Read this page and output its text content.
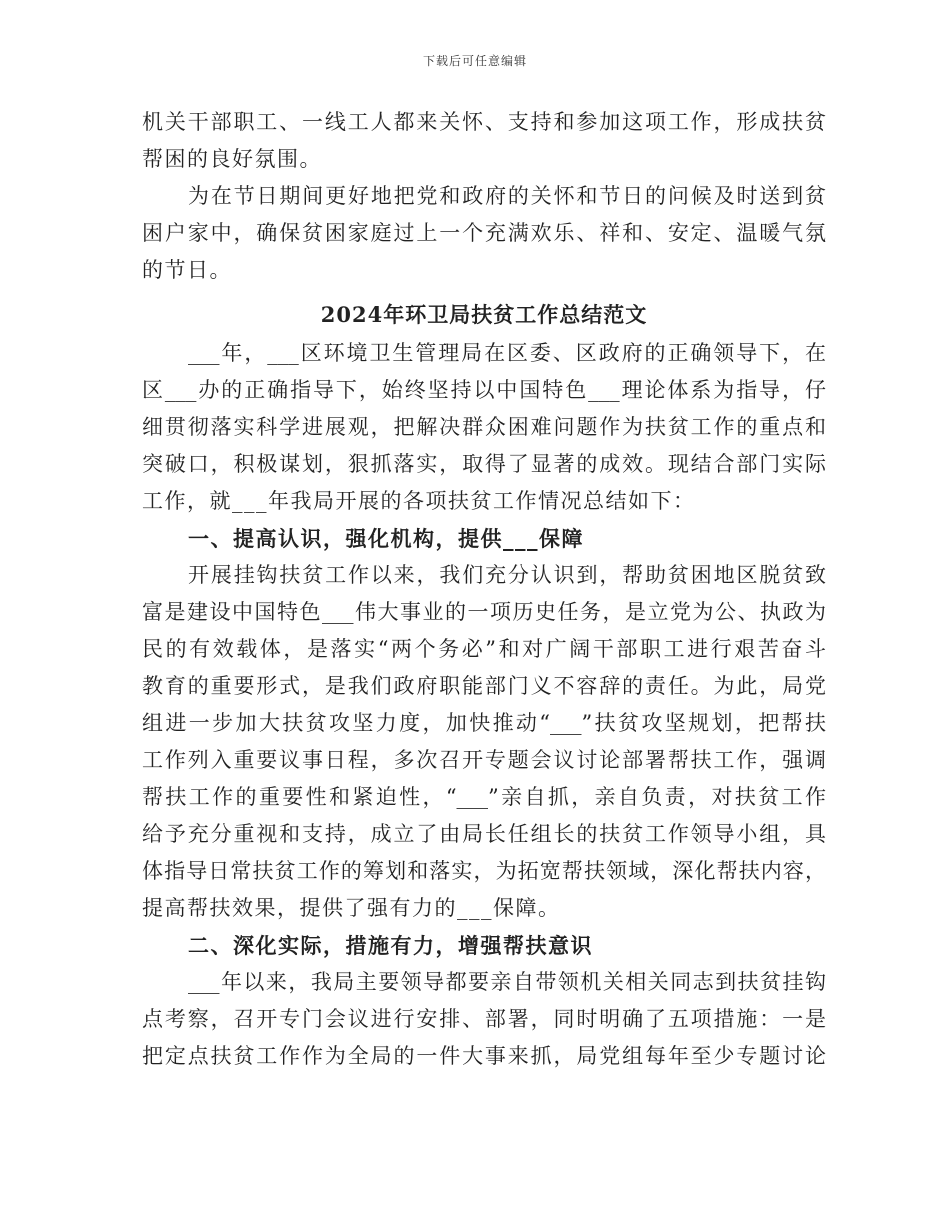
下载后可任意编辑
机关干部职工、一线工人都来关怀、支持和参加这项工作，形成扶贫
帮困的良好氛围。
为在节日期间更好地把党和政府的关怀和节日的问候及时送到贫
困户家中，确保贫困家庭过上一个充满欢乐、祥和、安定、温暖气氛
的节日。
2024年环卫局扶贫工作总结范文
___年，___区环境卫生管理局在区委、区政府的正确领导下，在
区___办的正确指导下，始终坚持以中国特色___理论体系为指导，仔
细贯彻落实科学进展观，把解决群众困难问题作为扶贫工作的重点和
突破口，积极谋划，狠抓落实，取得了显著的成效。现结合部门实际
工作，就___年我局开展的各项扶贫工作情况总结如下：
一、提高认识，强化机构，提供___保障
开展挂钩扶贫工作以来，我们充分认识到，帮助贫困地区脱贫致
富是建设中国特色___伟大事业的一项历史任务，是立党为公、执政为
民的有效载体，是落实“两个务必”和对广阔干部职工进行艰苦奋斗
教育的重要形式，是我们政府职能部门义不容辞的责任。为此，局党
组进一步加大扶贫攻坚力度，加快推动“___”扶贫攻坚规划，把帮扶
工作列入重要议事日程，多次召开专题会议讨论部署帮扶工作，强调
帮扶工作的重要性和紧迫性，“___”亲自抓，亲自负责，对扶贫工作
给予充分重视和支持，成立了由局长任组长的扶贫工作领导小组，具
体指导日常扶贫工作的筹划和落实，为拓宽帮扶领域，深化帮扶内容，
提高帮扶效果，提供了强有力的___保障。
二、深化实际，措施有力，增强帮扶意识
___年以来，我局主要领导都要亲自带领机关相关同志到扶贫挂钩
点考察，召开专门会议进行安排、部署，同时明确了五项措施：一是
把定点扶贫工作作为全局的一件大事来抓，局党组每年至少专题讨论
